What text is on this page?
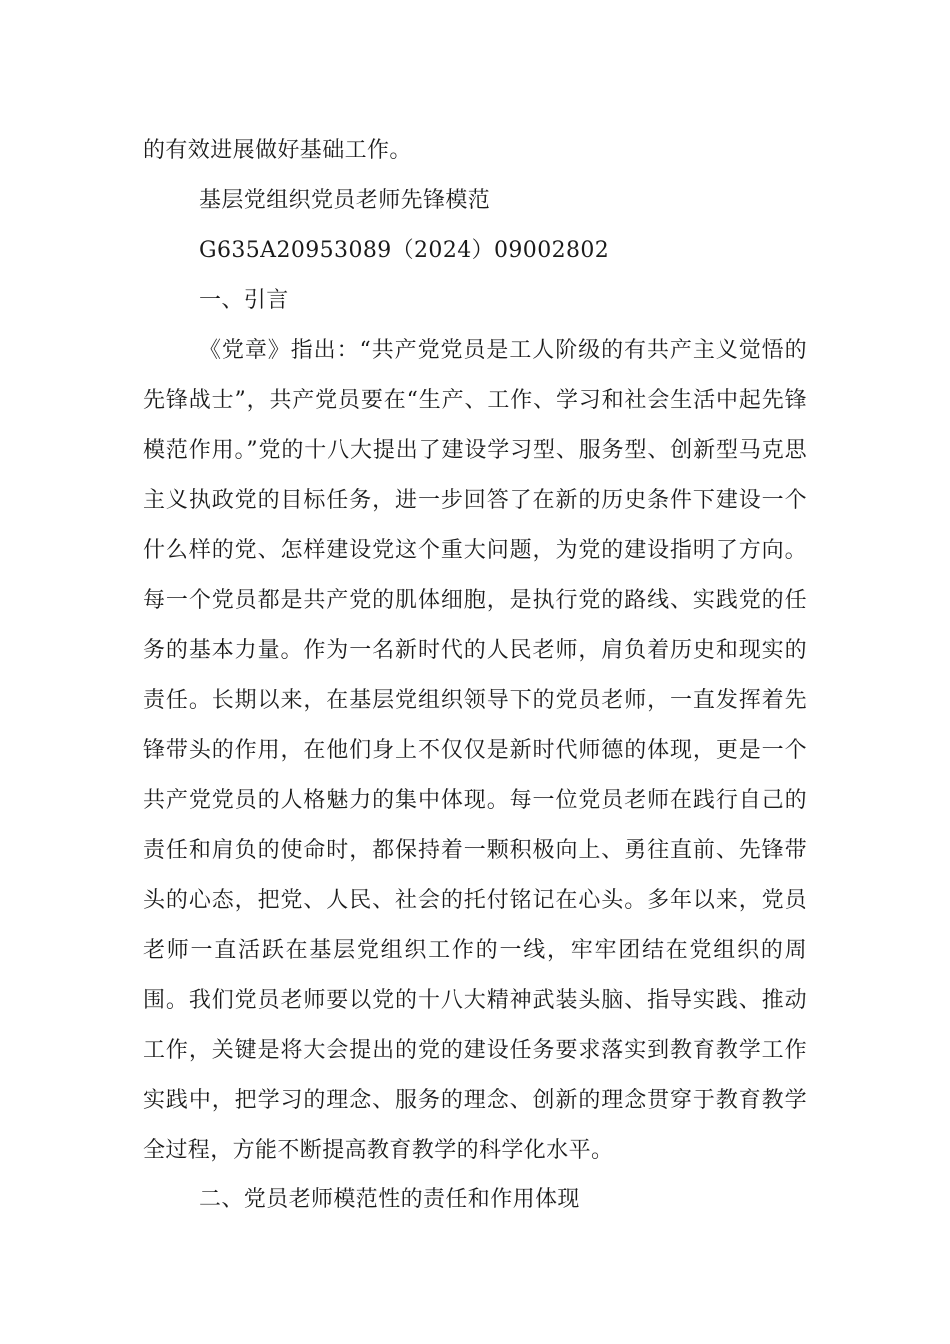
的有效进展做好基础工作。
基层党组织党员老师先锋模范
G635A20953089（2024）09002802
一、引言
《党章》指出：“共产党党员是工人阶级的有共产主义觉悟的先锋战士”，共产党员要在“生产、工作、学习和社会生活中起先锋模范作用。”党的十八大提出了建设学习型、服务型、创新型马克思主义执政党的目标任务，进一步回答了在新的历史条件下建设一个什么样的党、怎样建设党这个重大问题，为党的建设指明了方向。每一个党员都是共产党的肌体细胞，是执行党的路线、实践党的任务的基本力量。作为一名新时代的人民老师，肩负着历史和现实的责任。长期以来，在基层党组织领导下的党员老师，一直发挥着先锋带头的作用，在他们身上不仅仅是新时代师德的体现，更是一个共产党党员的人格魅力的集中体现。每一位党员老师在践行自己的责任和肩负的使命时，都保持着一颗积极向上、勇往直前、先锋带头的心态，把党、人民、社会的托付铭记在心头。多年以来，党员老师一直活跃在基层党组织工作的一线，牢牢团结在党组织的周围。我们党员老师要以党的十八大精神武装头脑、指导实践、推动工作，关键是将大会提出的党的建设任务要求落实到教育教学工作实践中，把学习的理念、服务的理念、创新的理念贯穿于教育教学全过程，方能不断提高教育教学的科学化水平。
二、党员老师模范性的责任和作用体现
